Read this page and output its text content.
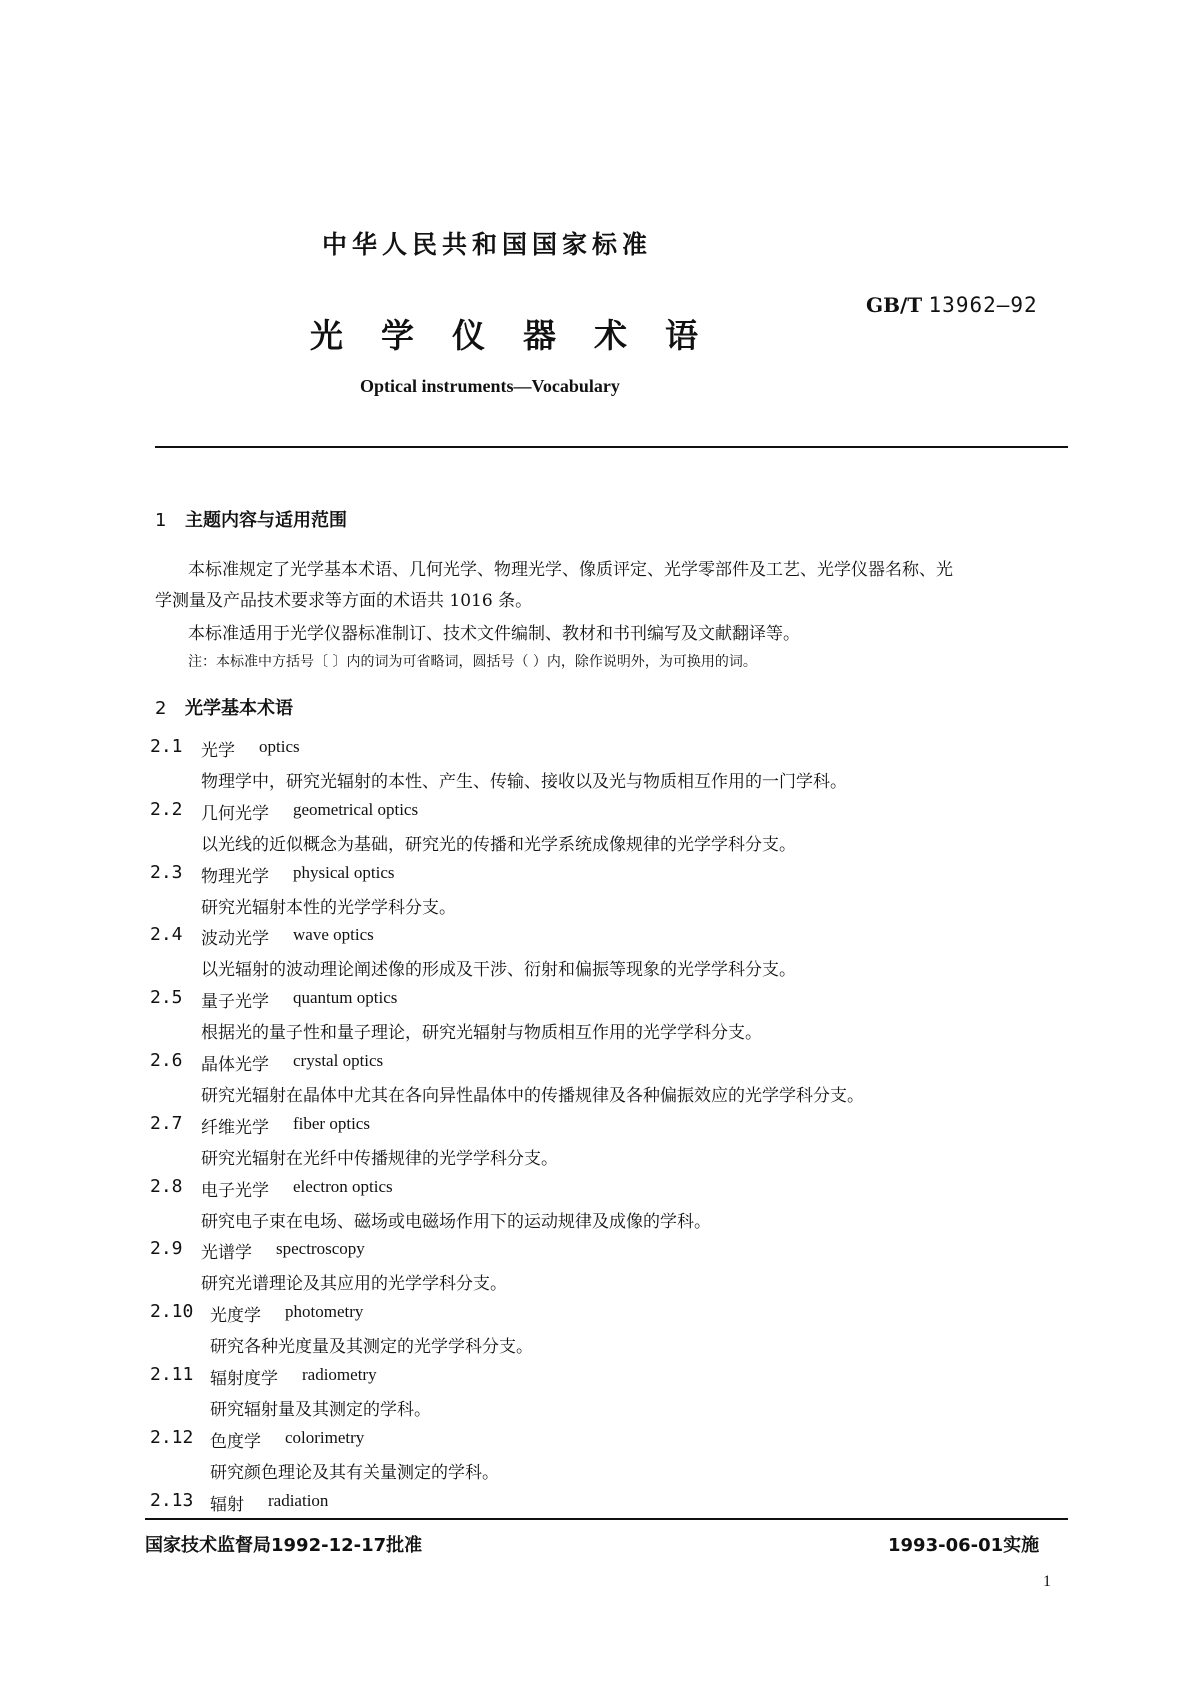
中华人民共和国国家标准
GB/T 13962—92
光学仪器术语
Optical instruments—Vocabulary
1 主题内容与适用范围
本标准规定了光学基本术语、几何光学、物理光学、像质评定、光学零部件及工艺、光学仪器名称、光
学测量及产品技术要求等方面的术语共 1016 条。
本标准适用于光学仪器标准制订、技术文件编制、教材和书刊编写及文献翻译等。
注：本标准中方括号〔 〕内的词为可省略词，圆括号（ ）内，除作说明外，为可换用的词。
2 光学基本术语
2.1 光学 optics
物理学中，研究光辐射的本性、产生、传输、接收以及光与物质相互作用的一门学科。
2.2 几何光学 geometrical optics
以光线的近似概念为基础，研究光的传播和光学系统成像规律的光学学科分支。
2.3 物理光学 physical optics
研究光辐射本性的光学学科分支。
2.4 波动光学 wave optics
以光辐射的波动理论阐述像的形成及干涉、衍射和偏振等现象的光学学科分支。
2.5 量子光学 quantum optics
根据光的量子性和量子理论，研究光辐射与物质相互作用的光学学科分支。
2.6 晶体光学 crystal optics
研究光辐射在晶体中尤其在各向异性晶体中的传播规律及各种偏振效应的光学学科分支。
2.7 纤维光学 fiber optics
研究光辐射在光纤中传播规律的光学学科分支。
2.8 电子光学 electron optics
研究电子束在电场、磁场或电磁场作用下的运动规律及成像的学科。
2.9 光谱学 spectroscopy
研究光谱理论及其应用的光学学科分支。
2.10 光度学 photometry
研究各种光度量及其测定的光学学科分支。
2.11 辐射度学 radiometry
研究辐射量及其测定的学科。
2.12 色度学 colorimetry
研究颜色理论及其有关量测定的学科。
2.13 辐射 radiation
国家技术监督局1992-12-17批准	1993-06-01实施
1
